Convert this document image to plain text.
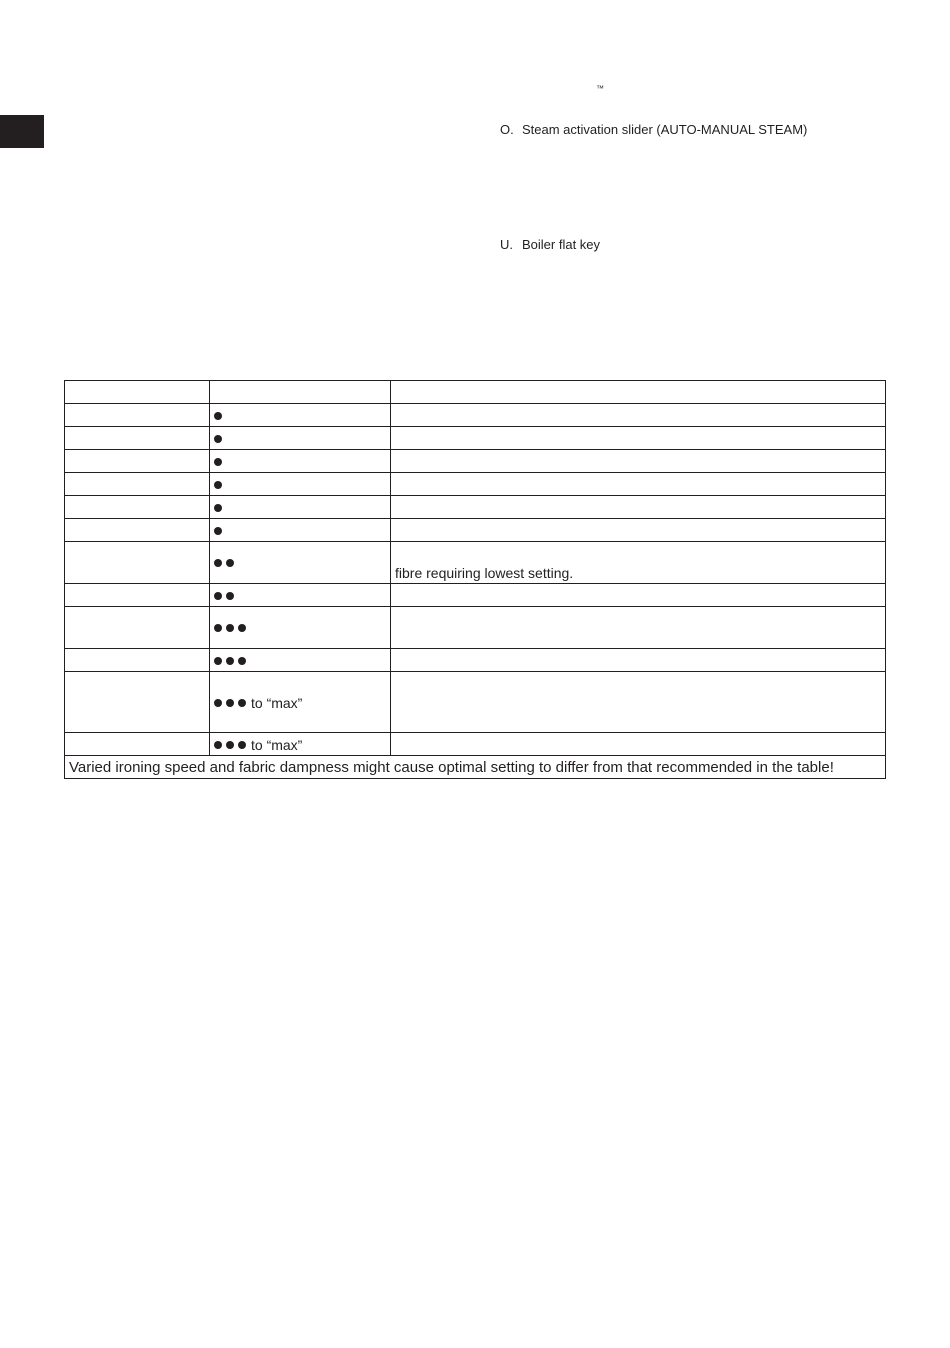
™
O. Steam activation slider (AUTO-MANUAL STEAM)
U. Boiler flat key

		fibre requiring lowest setting.

	to “max”	
	to “max”	
Varied ironing speed and fabric dampness might cause optimal setting to differ from that recommended in the table!		
